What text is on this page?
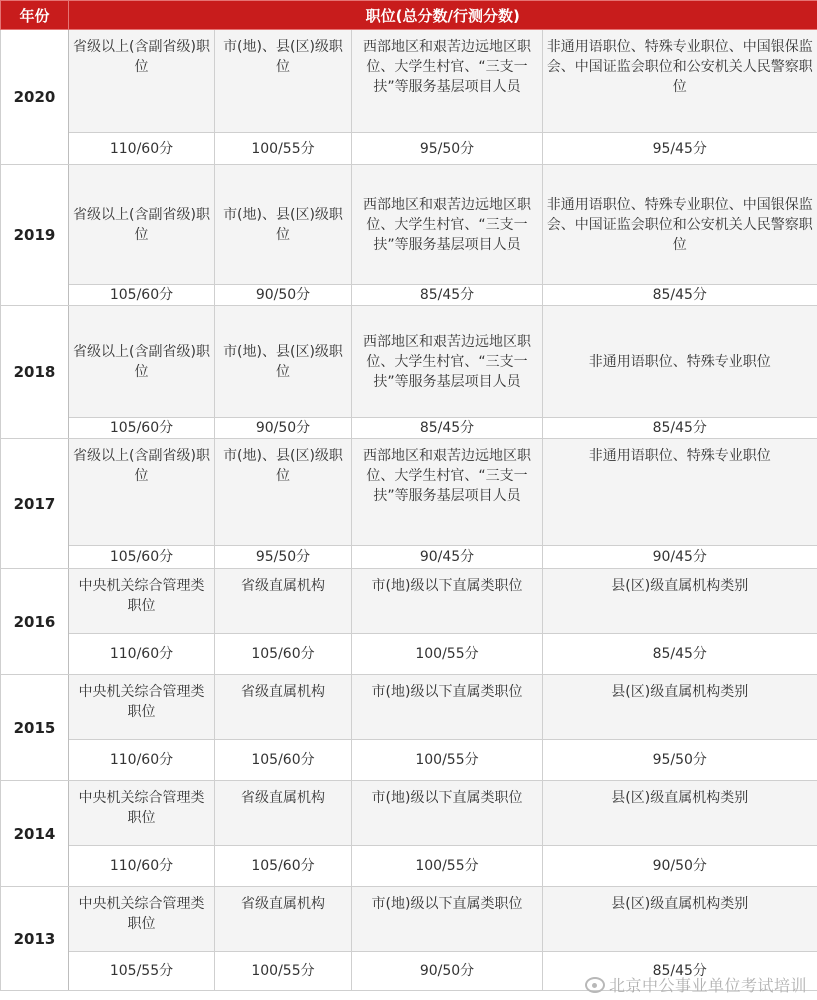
年份	职位(总分数/行测分数)			
2020	省级以上(含副省级)职位	市(地)、县(区)级职位	西部地区和艰苦边远地区职位、大学生村官、“三支一扶”等服务基层项目人员	非通用语职位、特殊专业职位、中国银保监会、中国证监会职位和公安机关人民警察职位
	110/60分	100/55分	95/50分	95/45分
2019	省级以上(含副省级)职位	市(地)、县(区)级职位	西部地区和艰苦边远地区职位、大学生村官、“三支一扶”等服务基层项目人员	非通用语职位、特殊专业职位、中国银保监会、中国证监会职位和公安机关人民警察职位
	105/60分	90/50分	85/45分	85/45分
2018	省级以上(含副省级)职位	市(地)、县(区)级职位	西部地区和艰苦边远地区职位、大学生村官、“三支一扶”等服务基层项目人员	非通用语职位、特殊专业职位
	105/60分	90/50分	85/45分	85/45分
2017	省级以上(含副省级)职位	市(地)、县(区)级职位	西部地区和艰苦边远地区职位、大学生村官、“三支一扶”等服务基层项目人员	非通用语职位、特殊专业职位
	105/60分	95/50分	90/45分	90/45分
2016	中央机关综合管理类职位	省级直属机构	市(地)级以下直属类职位	县(区)级直属机构类别
	110/60分	105/60分	100/55分	85/45分
2015	中央机关综合管理类职位	省级直属机构	市(地)级以下直属类职位	县(区)级直属机构类别
	110/60分	105/60分	100/55分	95/50分
2014	中央机关综合管理类职位	省级直属机构	市(地)级以下直属类职位	县(区)级直属机构类别
	110/60分	105/60分	100/55分	90/50分
2013	中央机关综合管理类职位	省级直属机构	市(地)级以下直属类职位	县(区)级直属机构类别
	105/55分	100/55分	90/50分	85/45分
北京中公事业单位考试培训
